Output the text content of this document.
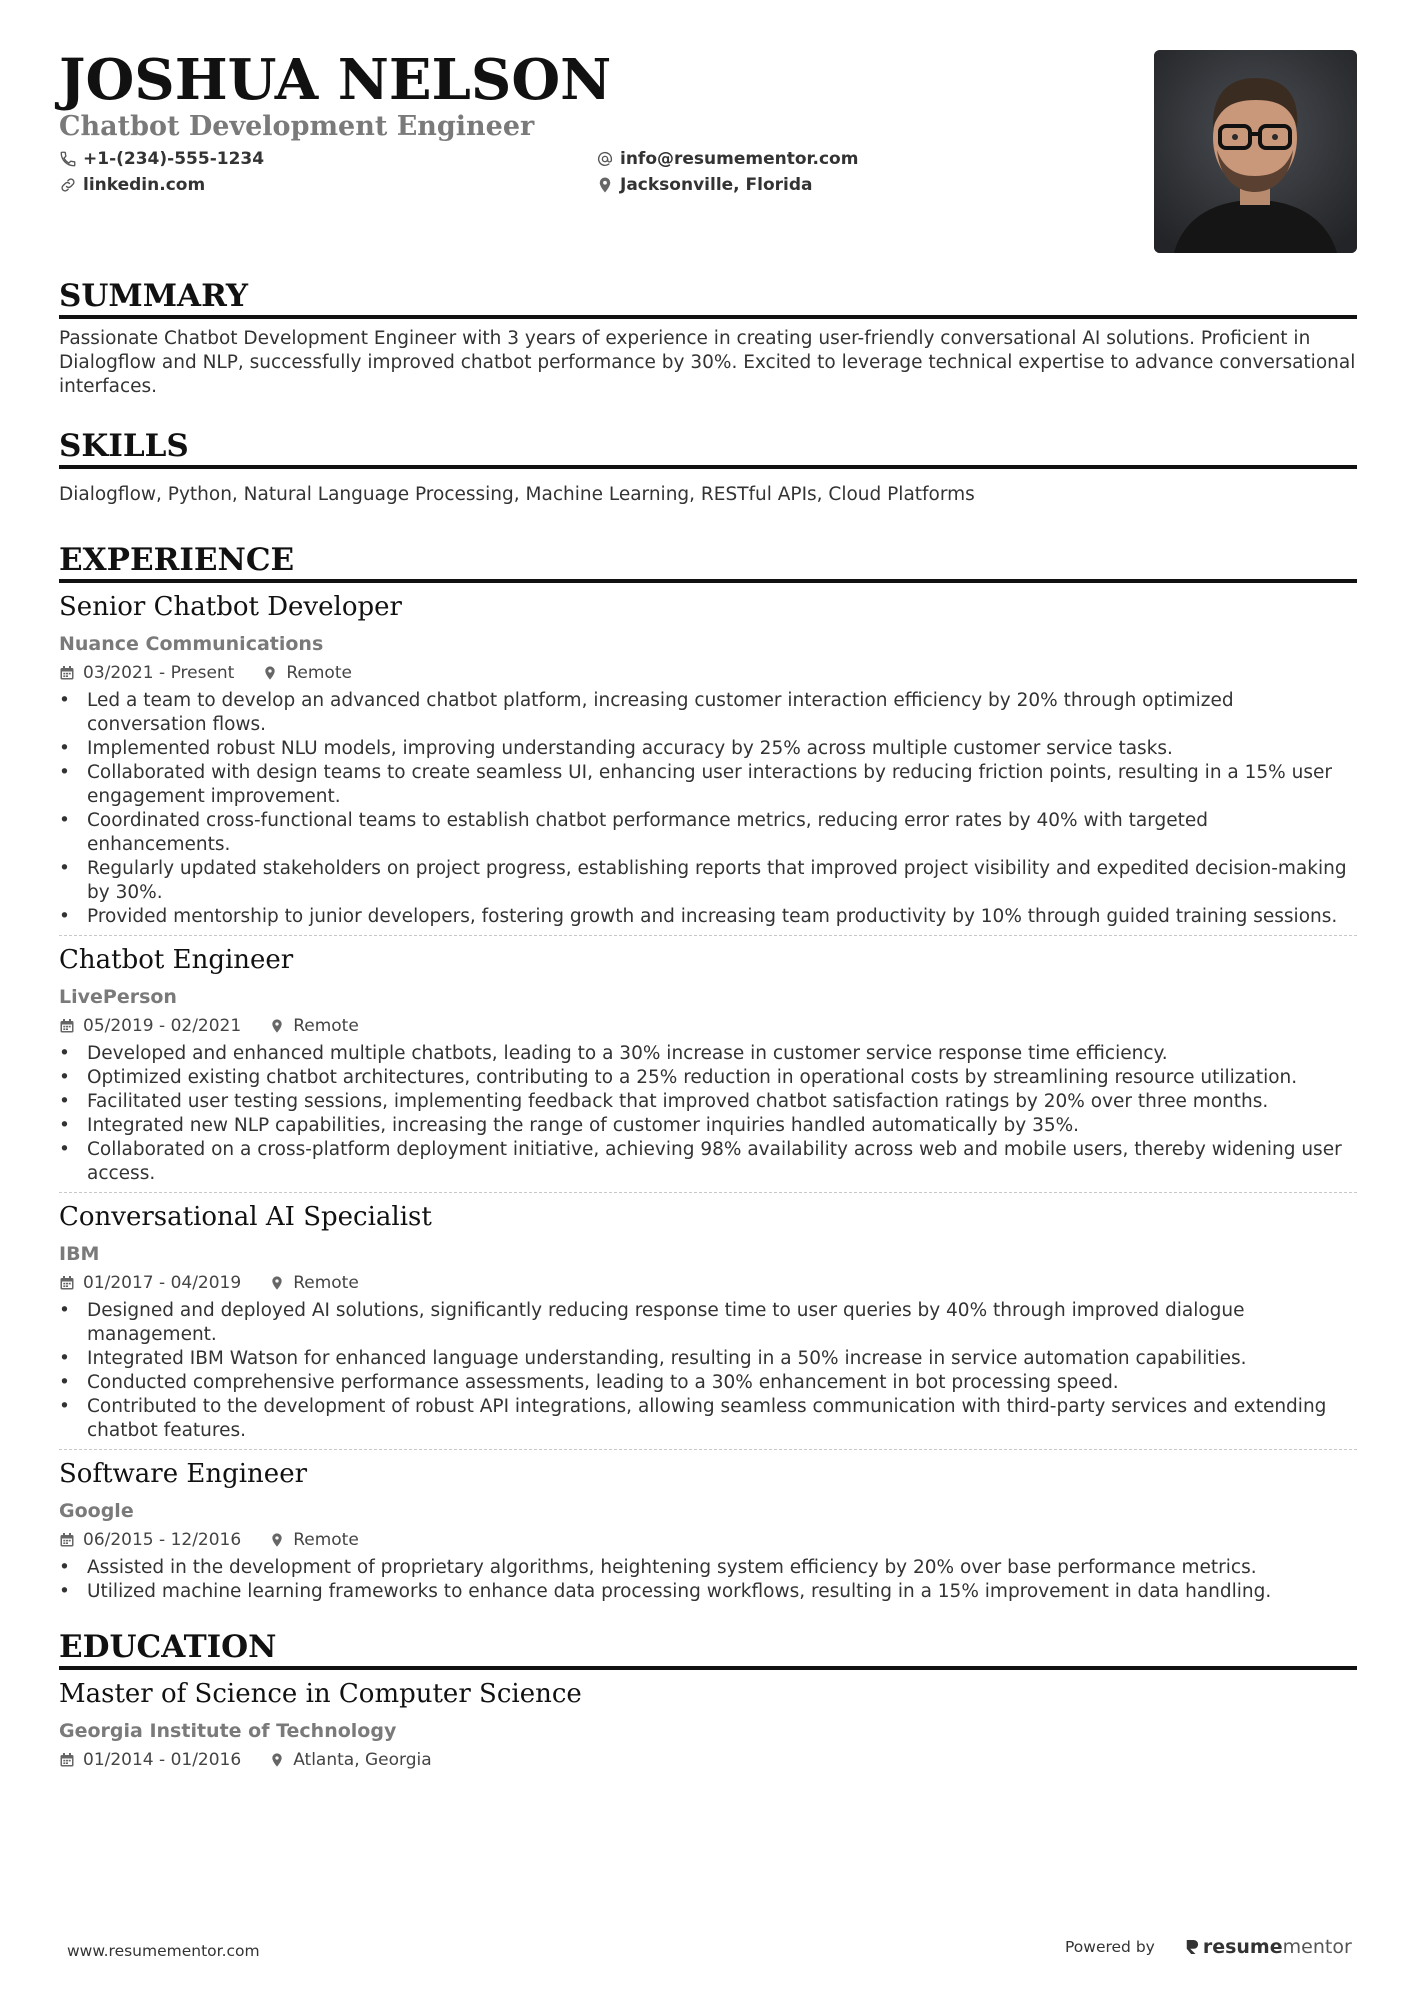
JOSHUA NELSON
Chatbot Development Engineer
+1-(234)-555-1234
linkedin.com
info@resumementor.com
Jacksonville, Florida
SUMMARY

Passionate Chatbot Development Engineer with 3 years of experience in creating user-friendly conversational AI solutions. Proficient in Dialogflow and NLP, successfully improved chatbot performance by 30%. Excited to leverage technical expertise to advance conversational interfaces.

SKILLS

Dialogflow, Python, Natural Language Processing, Machine Learning, RESTful APIs, Cloud Platforms

EXPERIENCE
Senior Chatbot Developer
Nuance Communications
03/2021 - Present	Remote
• Led a team to develop an advanced chatbot platform, increasing customer interaction efficiency by 20% through optimized conversation flows.
• Implemented robust NLU models, improving understanding accuracy by 25% across multiple customer service tasks.
• Collaborated with design teams to create seamless UI, enhancing user interactions by reducing friction points, resulting in a 15% user engagement improvement.
• Coordinated cross-functional teams to establish chatbot performance metrics, reducing error rates by 40% with targeted enhancements.
• Regularly updated stakeholders on project progress, establishing reports that improved project visibility and expedited decision-making by 30%.
• Provided mentorship to junior developers, fostering growth and increasing team productivity by 10% through guided training sessions.
Chatbot Engineer
LivePerson
05/2019 - 02/2021	Remote
• Developed and enhanced multiple chatbots, leading to a 30% increase in customer service response time efficiency.
• Optimized existing chatbot architectures, contributing to a 25% reduction in operational costs by streamlining resource utilization.
• Facilitated user testing sessions, implementing feedback that improved chatbot satisfaction ratings by 20% over three months.
• Integrated new NLP capabilities, increasing the range of customer inquiries handled automatically by 35%.
• Collaborated on a cross-platform deployment initiative, achieving 98% availability across web and mobile users, thereby widening user access.
Conversational AI Specialist
IBM
01/2017 - 04/2019	Remote
• Designed and deployed AI solutions, significantly reducing response time to user queries by 40% through improved dialogue management.
• Integrated IBM Watson for enhanced language understanding, resulting in a 50% increase in service automation capabilities.
• Conducted comprehensive performance assessments, leading to a 30% enhancement in bot processing speed.
• Contributed to the development of robust API integrations, allowing seamless communication with third-party services and extending chatbot features.
Software Engineer
Google
06/2015 - 12/2016	Remote
• Assisted in the development of proprietary algorithms, heightening system efficiency by 20% over base performance metrics.
• Utilized machine learning frameworks to enhance data processing workflows, resulting in a 15% improvement in data handling.
EDUCATION
Master of Science in Computer Science
Georgia Institute of Technology
01/2014 - 01/2016	Atlanta, Georgia
www.resumementor.com	Powered by	resume mentor
